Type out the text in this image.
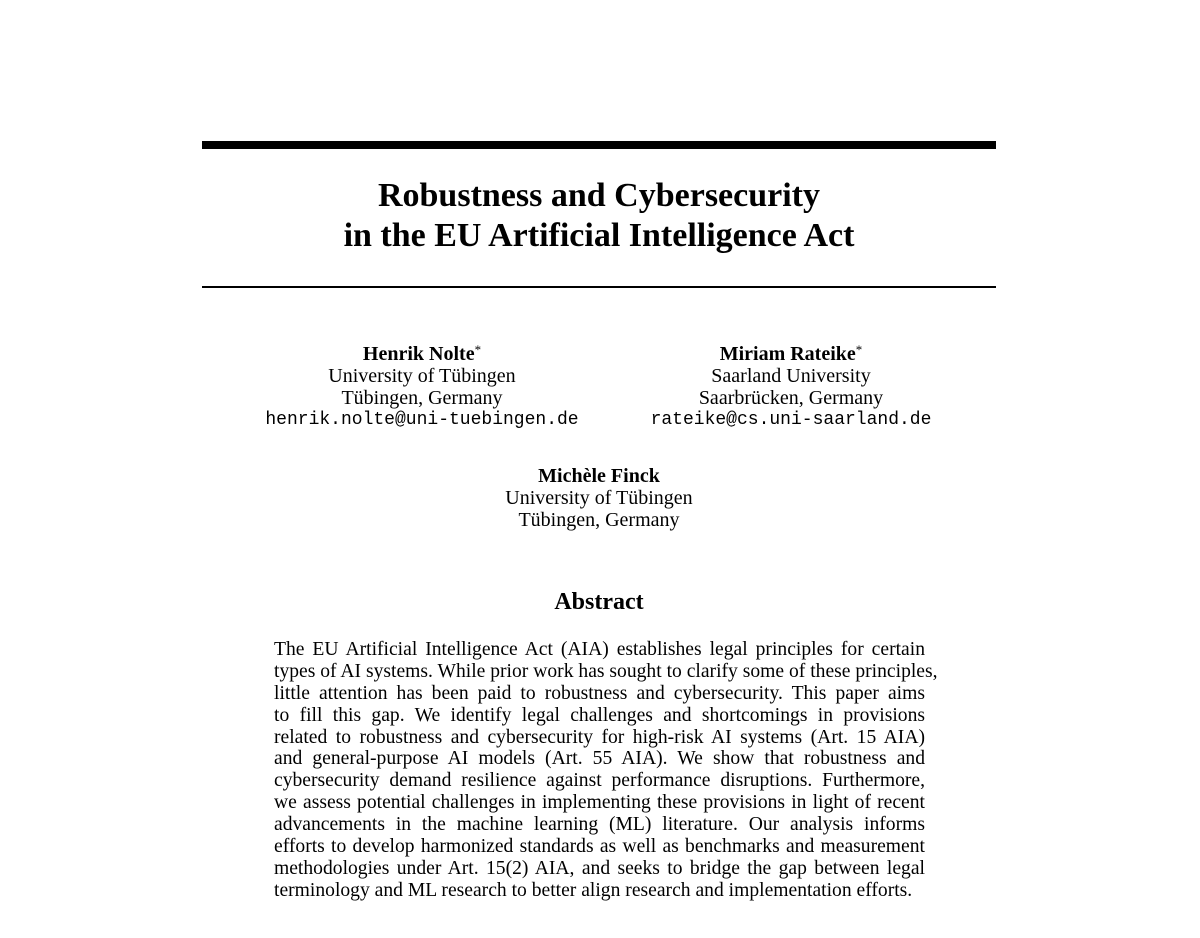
Robustness and Cybersecurity
in the EU Artificial Intelligence Act
Henrik Nolte*
University of Tübingen
Tübingen, Germany
henrik.nolte@uni-tuebingen.de
Miriam Rateike*
Saarland University
Saarbrücken, Germany
rateike@cs.uni-saarland.de
Michèle Finck
University of Tübingen
Tübingen, Germany
Abstract
The EU Artificial Intelligence Act (AIA) establishes legal principles for certain
types of AI systems. While prior work has sought to clarify some of these principles,
little attention has been paid to robustness and cybersecurity. This paper aims
to fill this gap. We identify legal challenges and shortcomings in provisions
related to robustness and cybersecurity for high-risk AI systems (Art. 15 AIA)
and general-purpose AI models (Art. 55 AIA). We show that robustness and
cybersecurity demand resilience against performance disruptions. Furthermore,
we assess potential challenges in implementing these provisions in light of recent
advancements in the machine learning (ML) literature. Our analysis informs
efforts to develop harmonized standards as well as benchmarks and measurement
methodologies under Art. 15(2) AIA, and seeks to bridge the gap between legal
terminology and ML research to better align research and implementation efforts.
